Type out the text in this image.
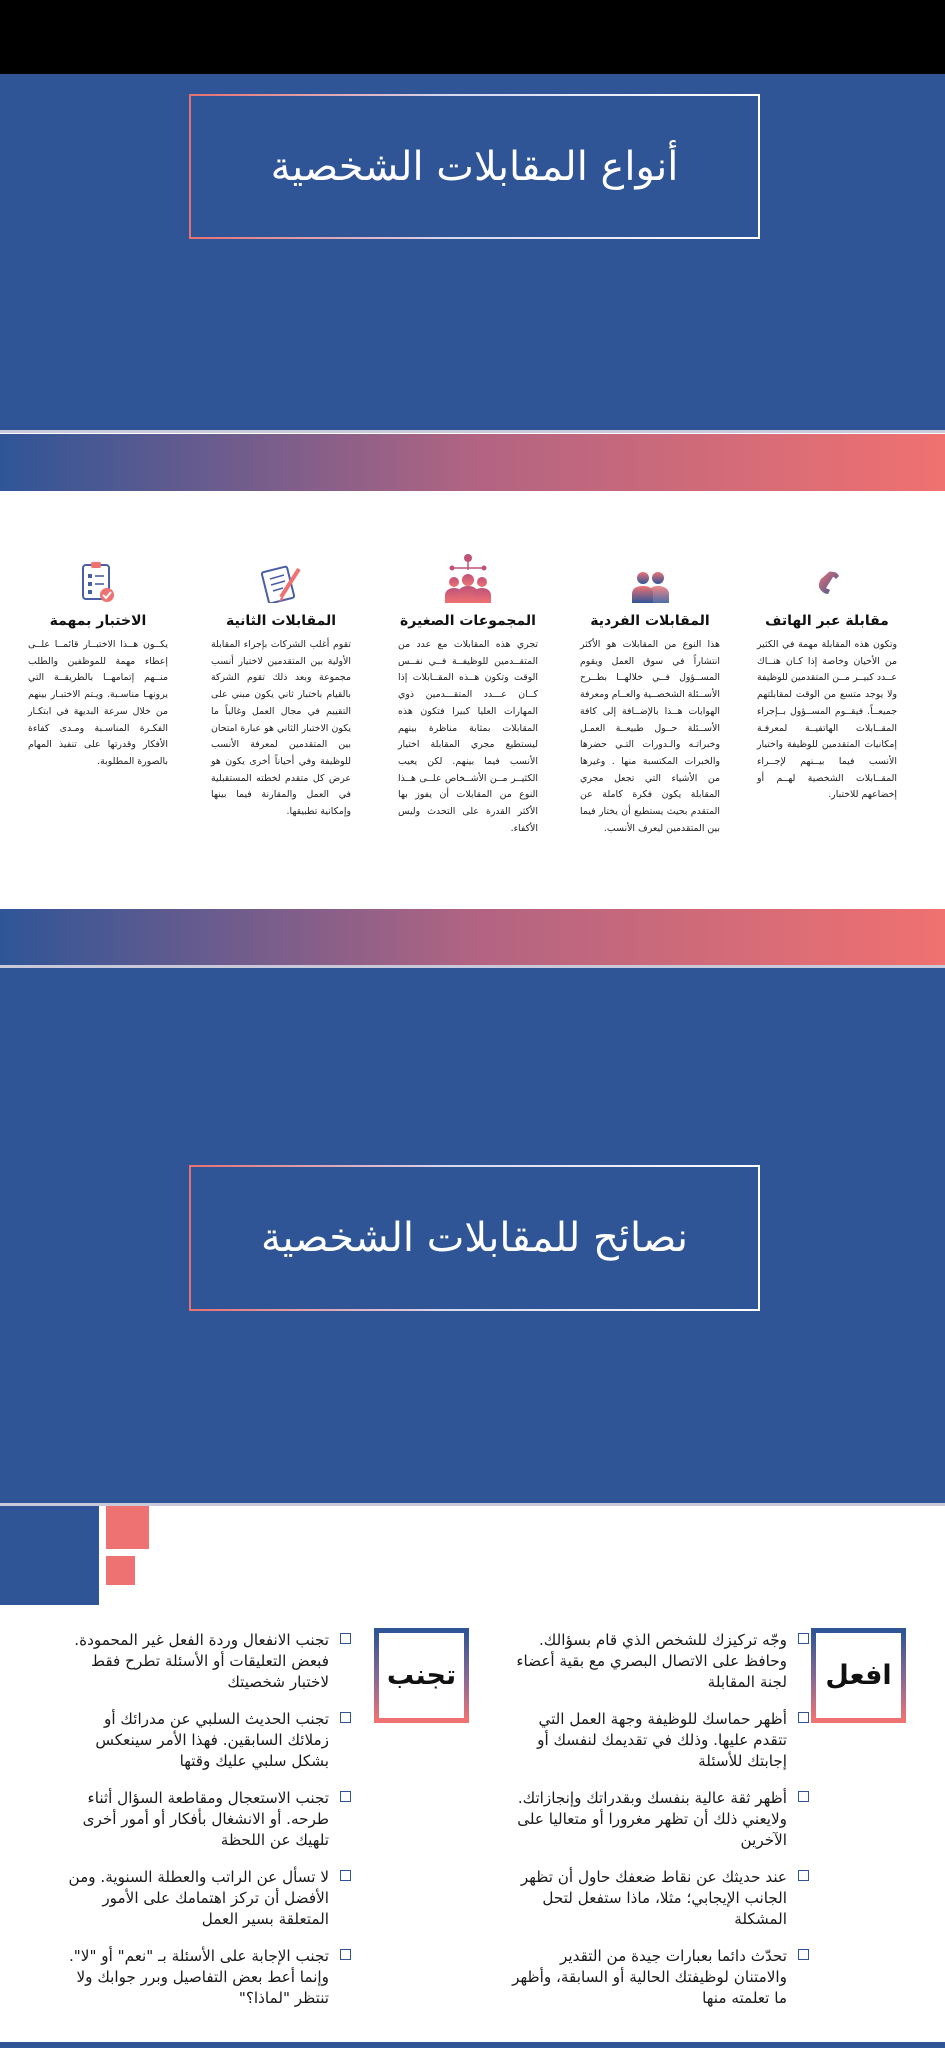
أنواع المقابلات الشخصية
مقابلة عبر الهاتف

وتكون هذه المقابلة مهمة في الكثير من الأحيان وخاصة إذا كـان هنــاك عــدد كبيــر مــن المتقدمين للوظيفة ولا يوجد متسع من الوقت لمقابلتهم جميعــاً. فيقــوم المســؤول بــإجراء المقــابلات الهاتفيــة لمعرفـة إمكانيات المتقدمين للوظيفة واختيار الأنسب فيما بيــنهم لإجــراء المقــابلات الشخصية لهــم أو إخضاعهم للاختبار.

المقابلات الفردية

هذا النوع من المقابلات هو الأكثر انتشاراً في سوق العمل ويقوم المســؤول فــي خلالهــا بطــرح الأســئلة الشخصــية والعــام ومعرفة الهوايات هــذا بالإضــافة إلى كافة الأســئلة حــول طبيعــة العمـل وخبراتـه والـدورات التـي حضرها والخبرات المكتسبة منها . وغيرها من الأشياء التي تجعل مجري المقابلة يكون فكرة كاملة عن المتقدم بحيث يستطيع أن يختار فيما بين المتقدمين ليعرف الأنسب.

المجموعات الصغيرة

تجري هذه المقابلات مع عدد من المتقــدمين للوظيفــة فــي نفــس الوقت وتكون هــذه المقــابلات إذا كــان عـــدد المتقـــدمين ذوي المهارات العليا كبيرا فتكون هذه المقابلات بمثابة مناظرة بينهم ليستطيع مجري المقابلة اختيار الأنسب فيما بينهم. لكن يعيب الكثيــر مــن الأشــخاص علــى هــذا النوع من المقابلات أن يفوز بها الأكثر القدرة على التحدث وليس الأكفاء.

المقابلات الثانية

تقوم أغلب الشركات بإجراء المقابلة الأولية بين المتقدمين لاختيار أنسب مجموعة وبعد ذلك تقوم الشركة بالقيام باختبار ثاني يكون مبني على التقييم في مجال العمل وغالباً ما يكون الاختبار الثاني هو عبارة امتحان بين المتقدمين لمعرفة الأنسب للوظيفة وفي أحياناً أخرى يكون هو عرض كل متقدم لخطته المستقبلية في العمل والمقارنة فيما بينها وإمكانية تطبيقها.

الاختبار بمهمة

يكــون هــذا الاختبــار قائمــا علــى إعطاء مهمة للموظفين والطلب منــهم إتمامهــا بالطريقــة التي يرونهـا مناسـبة. ويـتم الاختبـار بينهم من خلال سرعة البديهة في ابتكـار الفكـرة المناسـبة ومـدى كفاءة الأفكار وقدرتها على تنفيذ المهام بالصورة المطلوبة.

نصائح للمقابلات الشخصية
افعل
وجّه تركيزك للشخص الذي قام بسؤالك. وحافظ على الاتصال البصري مع بقية أعضاء لجنة المقابلة
أظهر حماسك للوظيفة وجهة العمل التي تتقدم عليها. وذلك في تقديمك لنفسك أو إجابتك للأسئلة
أظهر ثقة عالية بنفسك وبقدراتك وإنجازاتك. ولايعني ذلك أن تظهر مغرورا أو متعاليا على الآخرين
عند حديثك عن نقاط ضعفك حاول أن تظهر الجانب الإيجابي؛ مثلا، ماذا ستفعل لتحل المشكلة
تحدّث دائما بعبارات جيدة من التقدير والامتنان لوظيفتك الحالية أو السابقة، وأظهر ما تعلمته منها
تجنب
تجنب الانفعال وردة الفعل غير المحمودة. فبعض التعليقات أو الأسئلة تطرح فقط لاختبار شخصيتك
تجنب الحديث السلبي عن مدرائك أو زملائك السابقين. فهذا الأمر سينعكس بشكل سلبي عليك وقتها
تجنب الاستعجال ومقاطعة السؤال أثناء طرحه. أو الانشغال بأفكار أو أمور أخرى تلهيك عن اللحظة
لا تسأل عن الراتب والعطلة السنوية. ومن الأفضل أن تركز اهتمامك على الأمور المتعلقة بسير العمل
تجنب الإجابة على الأسئلة بـ "نعم" أو "لا". وإنما أعط بعض التفاصيل وبرر جوابك ولا تنتظر "لماذا؟"
